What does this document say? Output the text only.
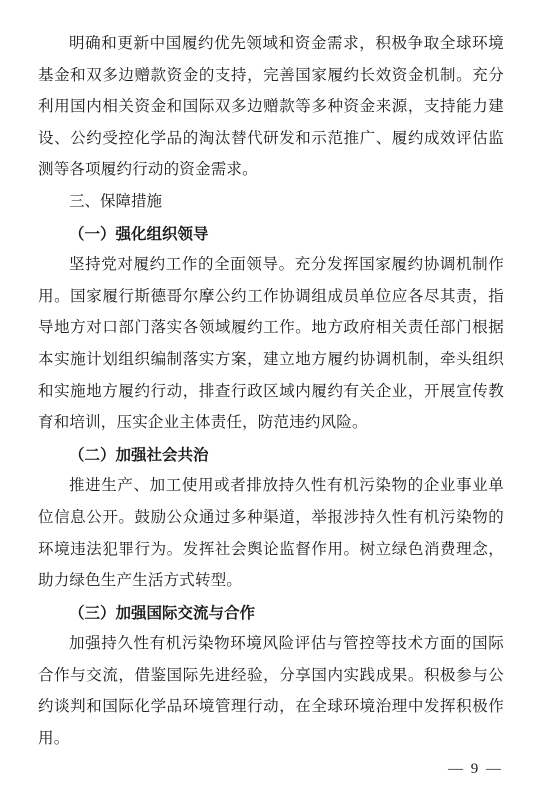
明确和更新中国履约优先领域和资金需求，积极争取全球环境基金和双多边赠款资金的支持，完善国家履约长效资金机制。充分利用国内相关资金和国际双多边赠款等多种资金来源，支持能力建设、公约受控化学品的淘汰替代研发和示范推广、履约成效评估监测等各项履约行动的资金需求。

三、保障措施

（一）强化组织领导

坚持党对履约工作的全面领导。充分发挥国家履约协调机制作用。国家履行斯德哥尔摩公约工作协调组成员单位应各尽其责，指导地方对口部门落实各领域履约工作。地方政府相关责任部门根据本实施计划组织编制落实方案，建立地方履约协调机制，牵头组织和实施地方履约行动，排查行政区域内履约有关企业，开展宣传教育和培训，压实企业主体责任，防范违约风险。

（二）加强社会共治

推进生产、加工使用或者排放持久性有机污染物的企业事业单位信息公开。鼓励公众通过多种渠道，举报涉持久性有机污染物的环境违法犯罪行为。发挥社会舆论监督作用。树立绿色消费理念，助力绿色生产生活方式转型。

（三）加强国际交流与合作

加强持久性有机污染物环境风险评估与管控等技术方面的国际合作与交流，借鉴国际先进经验，分享国内实践成果。积极参与公约谈判和国际化学品环境管理行动，在全球环境治理中发挥积极作用。

— 9 —
